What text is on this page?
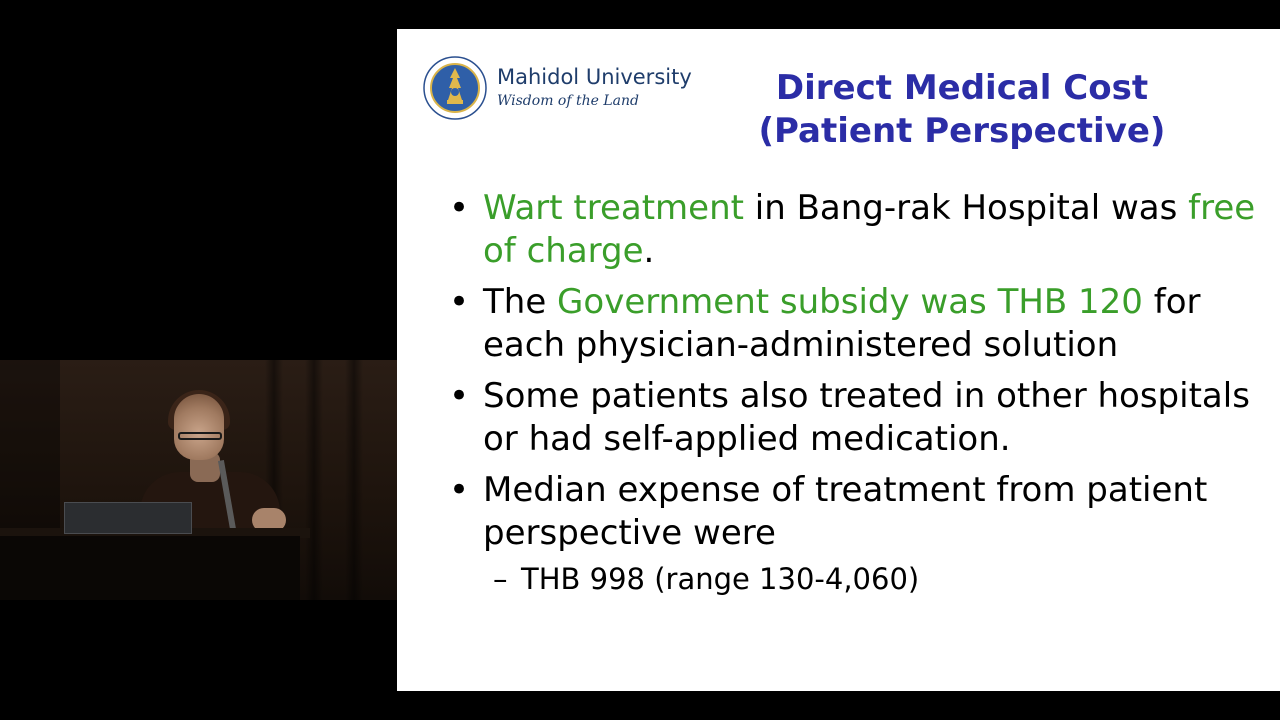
Mahidol University
Wisdom of the Land	Direct Medical Cost
(Patient Perspective)
• Wart treatment in Bang-rak Hospital was free of charge.
• The Government subsidy was THB 120 for each physician-administered solution
• Some patients also treated in other hospitals or had self-applied medication.
• Median expense of treatment from patient perspective were
– THB 998 (range 130-4,060)
